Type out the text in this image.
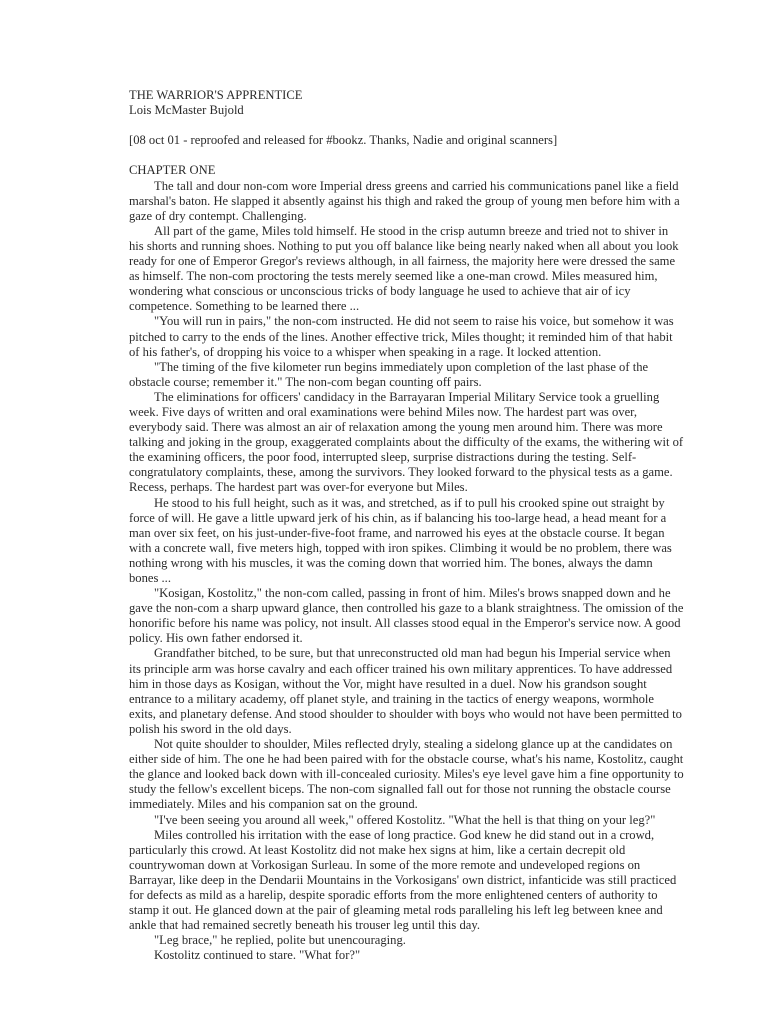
THE WARRIOR'S APPRENTICE

Lois McMaster Bujold

[08 oct 01 - reproofed and released for #bookz. Thanks, Nadie and original scanners]

CHAPTER ONE

The tall and dour non-com wore Imperial dress greens and carried his communications panel like a field marshal's baton. He slapped it absently against his thigh and raked the group of young men before him with a gaze of dry contempt. Challenging.

All part of the game, Miles told himself. He stood in the crisp autumn breeze and tried not to shiver in his shorts and running shoes. Nothing to put you off balance like being nearly naked when all about you look ready for one of Emperor Gregor's reviews although, in all fairness, the majority here were dressed the same as himself. The non-com proctoring the tests merely seemed like a one-man crowd. Miles measured him, wondering what conscious or unconscious tricks of body language he used to achieve that air of icy competence. Something to be learned there ...

"You will run in pairs," the non-com instructed. He did not seem to raise his voice, but somehow it was pitched to carry to the ends of the lines. Another effective trick, Miles thought; it reminded him of that habit of his father's, of dropping his voice to a whisper when speaking in a rage. It locked attention.

"The timing of the five kilometer run begins immediately upon completion of the last phase of the obstacle course; remember it." The non-com began counting off pairs.

The eliminations for officers' candidacy in the Barrayaran Imperial Military Service took a gruelling week. Five days of written and oral examinations were behind Miles now. The hardest part was over, everybody said. There was almost an air of relaxation among the young men around him. There was more talking and joking in the group, exaggerated complaints about the difficulty of the exams, the withering wit of the examining officers, the poor food, interrupted sleep, surprise distractions during the testing. Self-congratulatory complaints, these, among the survivors. They looked forward to the physical tests as a game. Recess, perhaps. The hardest part was over-for everyone but Miles.

He stood to his full height, such as it was, and stretched, as if to pull his crooked spine out straight by force of will. He gave a little upward jerk of his chin, as if balancing his too-large head, a head meant for a man over six feet, on his just-under-five-foot frame, and narrowed his eyes at the obstacle course. It began with a concrete wall, five meters high, topped with iron spikes. Climbing it would be no problem, there was nothing wrong with his muscles, it was the coming down that worried him. The bones, always the damn bones ...

"Kosigan, Kostolitz," the non-com called, passing in front of him. Miles's brows snapped down and he gave the non-com a sharp upward glance, then controlled his gaze to a blank straightness. The omission of the honorific before his name was policy, not insult. All classes stood equal in the Emperor's service now. A good policy. His own father endorsed it.

Grandfather bitched, to be sure, but that unreconstructed old man had begun his Imperial service when its principle arm was horse cavalry and each officer trained his own military apprentices. To have addressed him in those days as Kosigan, without the Vor, might have resulted in a duel. Now his grandson sought entrance to a military academy, off planet style, and training in the tactics of energy weapons, wormhole exits, and planetary defense. And stood shoulder to shoulder with boys who would not have been permitted to polish his sword in the old days.

Not quite shoulder to shoulder, Miles reflected dryly, stealing a sidelong glance up at the candidates on either side of him. The one he had been paired with for the obstacle course, what's his name, Kostolitz, caught the glance and looked back down with ill-concealed curiosity. Miles's eye level gave him a fine opportunity to study the fellow's excellent biceps. The non-com signalled fall out for those not running the obstacle course immediately. Miles and his companion sat on the ground.

"I've been seeing you around all week," offered Kostolitz. "What the hell is that thing on your leg?"

Miles controlled his irritation with the ease of long practice. God knew he did stand out in a crowd, particularly this crowd. At least Kostolitz did not make hex signs at him, like a certain decrepit old countrywoman down at Vorkosigan Surleau. In some of the more remote and undeveloped regions on Barrayar, like deep in the Dendarii Mountains in the Vorkosigans' own district, infanticide was still practiced for defects as mild as a harelip, despite sporadic efforts from the more enlightened centers of authority to stamp it out. He glanced down at the pair of gleaming metal rods paralleling his left leg between knee and ankle that had remained secretly beneath his trouser leg until this day.

"Leg brace," he replied, polite but unencouraging.

Kostolitz continued to stare. "What for?"
